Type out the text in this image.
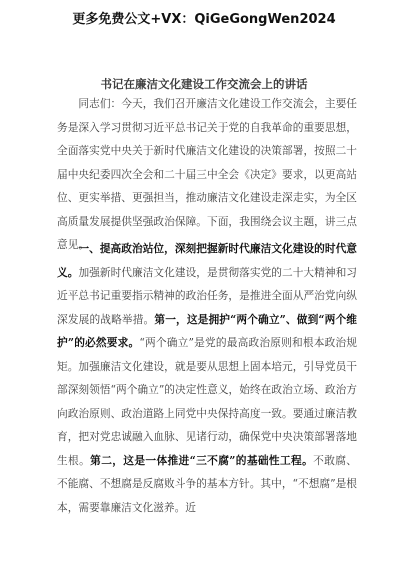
更多免费公文+VX：QiGeGongWen2024
书记在廉洁文化建设工作交流会上的讲话

同志们：今天，我们召开廉洁文化建设工作交流会，主要任务是深入学习贯彻习近平总书记关于党的自我革命的重要思想，全面落实党中央关于新时代廉洁文化建设的决策部署，按照二十届中央纪委四次全会和二十届三中全会《决定》要求，以更高站位、更实举措、更强担当，推动廉洁文化建设走深走实，为全区高质量发展提供坚强政治保障。下面，我围绕会议主题，讲三点意见。

一、提高政治站位，深刻把握新时代廉洁文化建设的时代意义。加强新时代廉洁文化建设，是贯彻落实党的二十大精神和习近平总书记重要指示精神的政治任务，是推进全面从严治党向纵深发展的战略举措。第一，这是拥护“两个确立”、做到“两个维护”的必然要求。“两个确立”是党的最高政治原则和根本政治规矩。加强廉洁文化建设，就是要从思想上固本培元，引导党员干部深刻领悟“两个确立”的决定性意义，始终在政治立场、政治方向政治原则、政治道路上同党中央保持高度一致。要通过廉洁教育，把对党忠诚融入血脉、见诸行动，确保党中央决策部署落地生根。第二，这是一体推进“三不腐”的基础性工程。不敢腐、不能腐、不想腐是反腐败斗争的基本方针。其中，“不想腐”是根本，需要靠廉洁文化滋养。近
